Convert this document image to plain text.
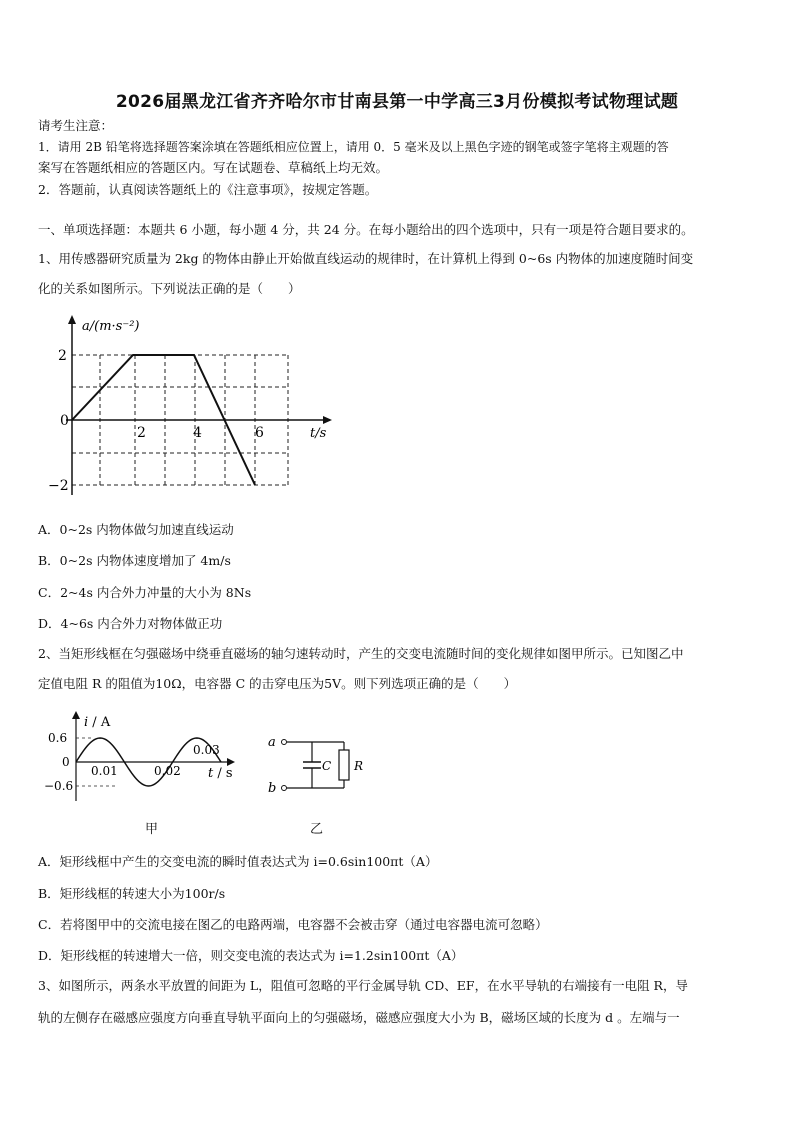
2026届黑龙江省齐齐哈尔市甘南县第一中学高三3月份模拟考试物理试题
请考生注意：
1．请用 2B 铅笔将选择题答案涂填在答题纸相应位置上，请用 0．5 毫米及以上黑色字迹的钢笔或签字笔将主观题的答
案写在答题纸相应的答题区内。写在试题卷、草稿纸上均无效。
2．答题前，认真阅读答题纸上的《注意事项》，按规定答题。
一、单项选择题：本题共 6 小题，每小题 4 分，共 24 分。在每小题给出的四个选项中，只有一项是符合题目要求的。
1、用传感器研究质量为 2kg 的物体由静止开始做直线运动的规律时，在计算机上得到 0~6s 内物体的加速度随时间变
化的关系如图所示。下列说法正确的是（　　）
a/(m·s⁻²)
t/s
2
0
−2
2	4	6
A．0~2s 内物体做匀加速直线运动
B．0~2s 内物体速度增加了 4m/s
C．2~4s 内合外力冲量的大小为 8Ns
D．4~6s 内合外力对物体做正功
2、当矩形线框在匀强磁场中绕垂直磁场的轴匀速转动时，产生的交变电流随时间的变化规律如图甲所示。已知图乙中
定值电阻 R 的阻值为10Ω，电容器 C 的击穿电压为5V。则下列选项正确的是（　　）
i / A
t / s
0.6
0
−0.6
0.01	0.02
0.03
甲
a
b
C R
乙
A．矩形线框中产生的交变电流的瞬时值表达式为 i=0.6sin100πt（A）
B．矩形线框的转速大小为100r/s
C．若将图甲中的交流电接在图乙的电路两端，电容器不会被击穿（通过电容器电流可忽略）
D．矩形线框的转速增大一倍，则交变电流的表达式为 i=1.2sin100πt（A）
3、如图所示，两条水平放置的间距为 L，阻值可忽略的平行金属导轨 CD、EF，在水平导轨的右端接有一电阻 R，导
轨的左侧存在磁感应强度方向垂直导轨平面向上的匀强磁场，磁感应强度大小为 B，磁场区域的长度为 d 。左端与一
